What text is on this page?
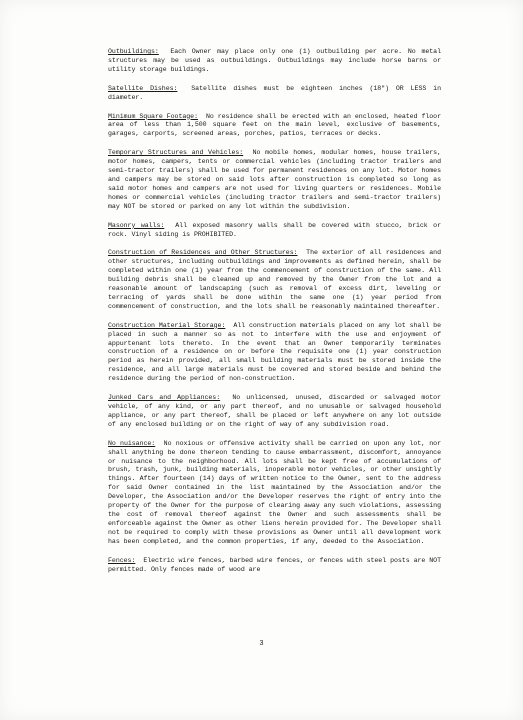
Outbuildings: Each Owner may place only one (1) outbuilding per acre. No metal structures may be used as outbuildings. Outbuildings may include horse barns or utility storage buildings.

Satellite Dishes: Satellite dishes must be eighteen inches (18") OR LESS in diameter.

Minimum Square Footage: No residence shall be erected with an enclosed, heated floor area of less than 1,500 square feet on the main level, exclusive of basements, garages, carports, screened areas, porches, patios, terraces or decks.

Temporary Structures and Vehicles: No mobile homes, modular homes, house trailers, motor homes, campers, tents or commercial vehicles (including tractor trailers and semi-tractor trailers) shall be used for permanent residences on any lot. Motor homes and campers may be stored on said lots after construction is completed so long as said motor homes and campers are not used for living quarters or residences. Mobile homes or commercial vehicles (including tractor trailers and semi-tractor trailers) may NOT be stored or parked on any lot within the subdivision.

Masonry walls: All exposed masonry walls shall be covered with stucco, brick or rock. Vinyl siding is PROHIBITED.

Construction of Residences and Other Structures: The exterior of all residences and other structures, including outbuildings and improvements as defined herein, shall be completed within one (1) year from the commencement of construction of the same. All building debris shall be cleaned up and removed by the Owner from the lot and a reasonable amount of landscaping (such as removal of excess dirt, leveling or terracing of yards shall be done within the same one (1) year period from commencement of construction, and the lots shall be reasonably maintained thereafter.

Construction Material Storage: All construction materials placed on any lot shall be placed in such a manner so as not to interfere with the use and enjoyment of appurtenant lots thereto. In the event that an Owner temporarily terminates construction of a residence on or before the requisite one (1) year construction period as herein provided, all small building materials must be stored inside the residence, and all large materials must be covered and stored beside and behind the residence during the period of non-construction.

Junked Cars and Appliances: No unlicensed, unused, discarded or salvaged motor vehicle, of any kind, or any part thereof, and no unusable or salvaged household appliance, or any part thereof, shall be placed or left anywhere on any lot outside of any enclosed building or on the right of way of any subdivision road.

No nuisance: No noxious or offensive activity shall be carried on upon any lot, nor shall anything be done thereon tending to cause embarrassment, discomfort, annoyance or nuisance to the neighborhood. All lots shall be kept free of accumulations of brush, trash, junk, building materials, inoperable motor vehicles, or other unsightly things. After fourteen (14) days of written notice to the Owner, sent to the address for said Owner contained in the list maintained by the Association and/or the Developer, the Association and/or the Developer reserves the right of entry into the property of the Owner for the purpose of clearing away any such violations, assessing the cost of removal thereof against the Owner and such assessments shall be enforceable against the Owner as other liens herein provided for. The Developer shall not be required to comply with these provisions as Owner until all development work has been completed, and the common properties, if any, deeded to the Association.

Fences: Electric wire fences, barbed wire fences, or fences with steel posts are NOT permitted. Only fences made of wood are

3
